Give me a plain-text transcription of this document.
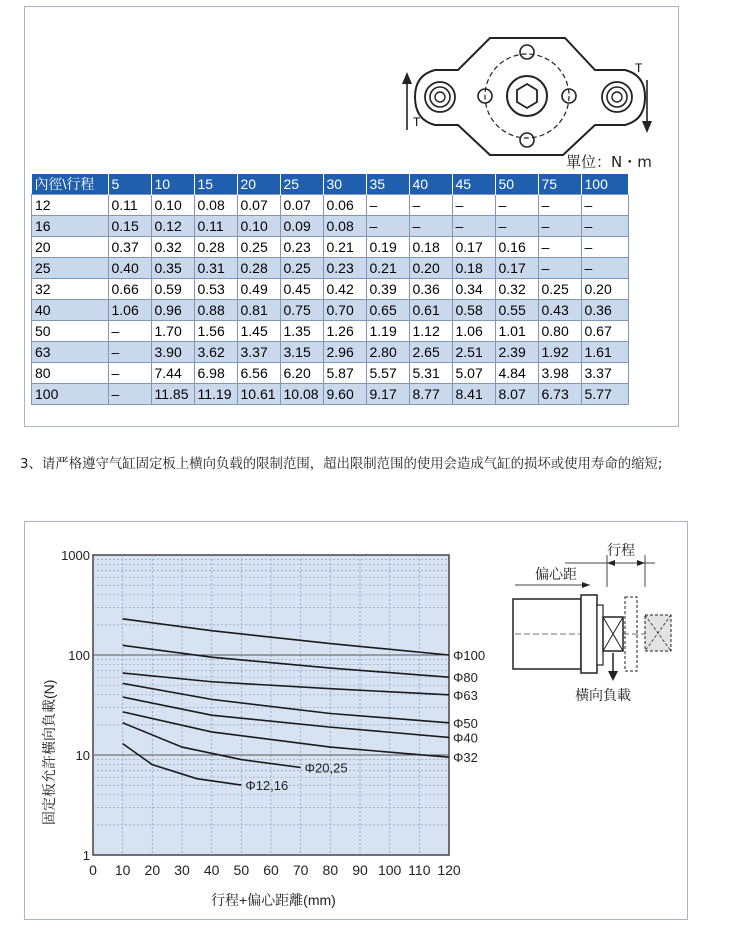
T
T
單位：N・m
內徑\行程	5	10	15	20	25	30	35	40	45	50	75	100
12	0.11	0.10	0.08	0.07	0.07	0.06	–	–	–	–	–	–
16	0.15	0.12	0.11	0.10	0.09	0.08	–	–	–	–	–	–
20	0.37	0.32	0.28	0.25	0.23	0.21	0.19	0.18	0.17	0.16	–	–
25	0.40	0.35	0.31	0.28	0.25	0.23	0.21	0.20	0.18	0.17	–	–
32	0.66	0.59	0.53	0.49	0.45	0.42	0.39	0.36	0.34	0.32	0.25	0.20
40	1.06	0.96	0.88	0.81	0.75	0.70	0.65	0.61	0.58	0.55	0.43	0.36
50	–	1.70	1.56	1.45	1.35	1.26	1.19	1.12	1.06	1.01	0.80	0.67
63	–	3.90	3.62	3.37	3.15	2.96	2.80	2.65	2.51	2.39	1.92	1.61
80	–	7.44	6.98	6.56	6.20	5.87	5.57	5.31	5.07	4.84	3.98	3.37
100	–	11.85	11.19	10.61	10.08	9.60	9.17	8.77	8.41	8.07	6.73	5.77
3、请严格遵守气缸固定板上横向负载的限制范围，超出限制范围的使用会造成气缸的损坏或使用寿命的缩短;
Φ100
Φ80
Φ63
Φ50
Φ40
Φ32
Φ20,25
Φ12,16
0 10 20 30 40 50 60 70 80 90 100 110 120
1000
100
10
1
固定板允許橫向負載(N)
行程+偏心距離(mm)
行程
偏心距
橫向負載
